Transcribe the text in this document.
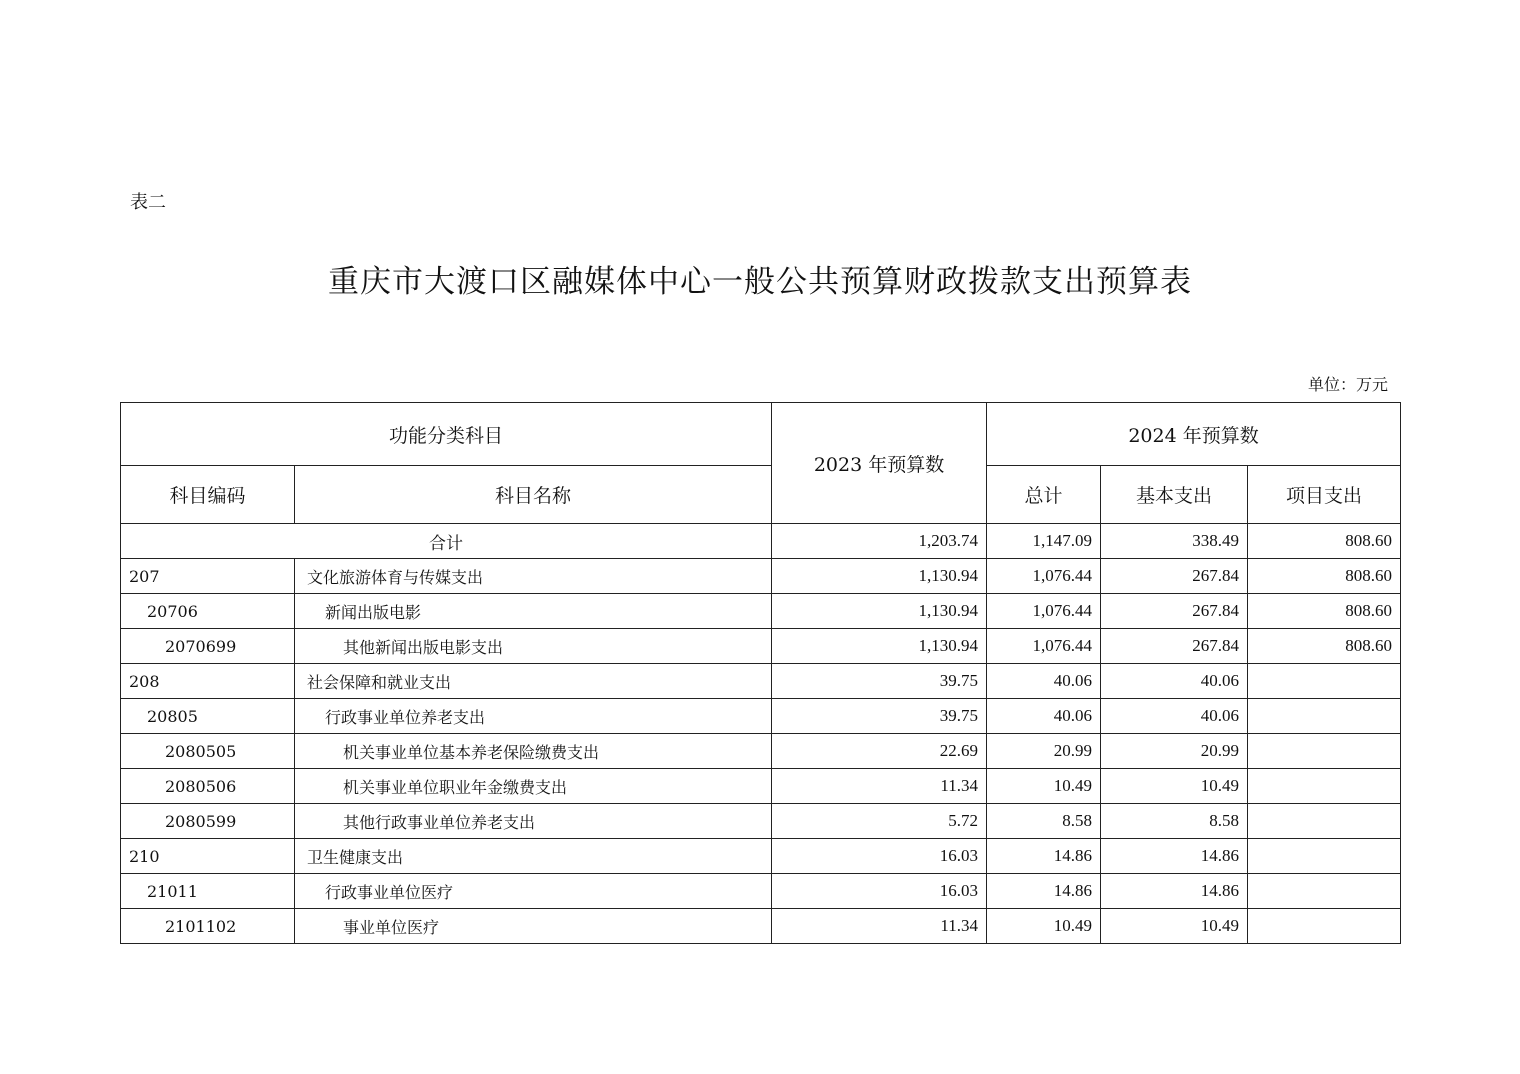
表二
重庆市大渡口区融媒体中心一般公共预算财政拨款支出预算表
单位：万元
功能分类科目		2023 年预算数	2024 年预算数		
科目编码	科目名称		总计	基本支出	项目支出
合计		1,203.74	1,147.09	338.49	808.60
207	文化旅游体育与传媒支出	1,130.94	1,076.44	267.84	808.60
20706	新闻出版电影	1,130.94	1,076.44	267.84	808.60
2070699	其他新闻出版电影支出	1,130.94	1,076.44	267.84	808.60
208	社会保障和就业支出	39.75	40.06	40.06	
20805	行政事业单位养老支出	39.75	40.06	40.06	
2080505	机关事业单位基本养老保险缴费支出	22.69	20.99	20.99	
2080506	机关事业单位职业年金缴费支出	11.34	10.49	10.49	
2080599	其他行政事业单位养老支出	5.72	8.58	8.58	
210	卫生健康支出	16.03	14.86	14.86	
21011	行政事业单位医疗	16.03	14.86	14.86	
2101102	事业单位医疗	11.34	10.49	10.49	
